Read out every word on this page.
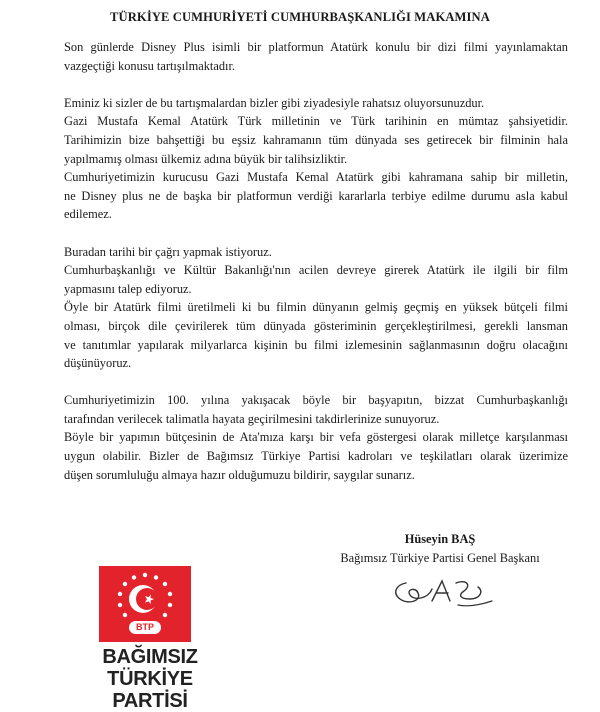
TÜRKİYE CUMHURİYETİ CUMHURBAŞKANLIĞI MAKAMINA

Son günlerde Disney Plus isimli bir platformun Atatürk konulu bir dizi filmi yayınlamaktan
vazgeçtiği konusu tartışılmaktadır.

Eminiz ki sizler de bu tartışmalardan bizler gibi ziyadesiyle rahatsız oluyorsunuzdur.
Gazi Mustafa Kemal Atatürk Türk milletinin ve Türk tarihinin en mümtaz şahsiyetidir.
Tarihimizin bize bahşettiği bu eşsiz kahramanın tüm dünyada ses getirecek bir filminin hala
yapılmamış olması ülkemiz adına büyük bir talihsizliktir.
Cumhuriyetimizin kurucusu Gazi Mustafa Kemal Atatürk gibi kahramana sahip bir milletin,
ne Disney plus ne de başka bir platformun verdiği kararlarla terbiye edilme durumu asla kabul
edilemez.

Buradan tarihi bir çağrı yapmak istiyoruz.
Cumhurbaşkanlığı ve Kültür Bakanlığı'nın acilen devreye girerek Atatürk ile ilgili bir film
yapmasını talep ediyoruz.
Öyle bir Atatürk filmi üretilmeli ki bu filmin dünyanın gelmiş geçmiş en yüksek bütçeli filmi
olması, birçok dile çevirilerek tüm dünyada gösteriminin gerçekleştirilmesi, gerekli lansman
ve tanıtımlar yapılarak milyarlarca kişinin bu filmi izlemesinin sağlanmasının doğru olacağını
düşünüyoruz.

Cumhuriyetimizin 100. yılına yakışacak böyle bir başyapıtın, bizzat Cumhurbaşkanlığı
tarafından verilecek talimatla hayata geçirilmesini takdirlerinize sunuyoruz.
Böyle bir yapımın bütçesinin de Ata'mıza karşı bir vefa göstergesi olarak milletçe karşılanması
uygun olabilir. Bizler de Bağımsız Türkiye Partisi kadroları ve teşkilatları olarak üzerimize
düşen sorumluluğu almaya hazır olduğumuzu bildirir, saygılar sunarız.

Hüseyin BAŞ
Bağımsız Türkiye Partisi Genel Başkanı
BTP
BAĞIMSIZ TÜRKİYE
PARTİSİ
